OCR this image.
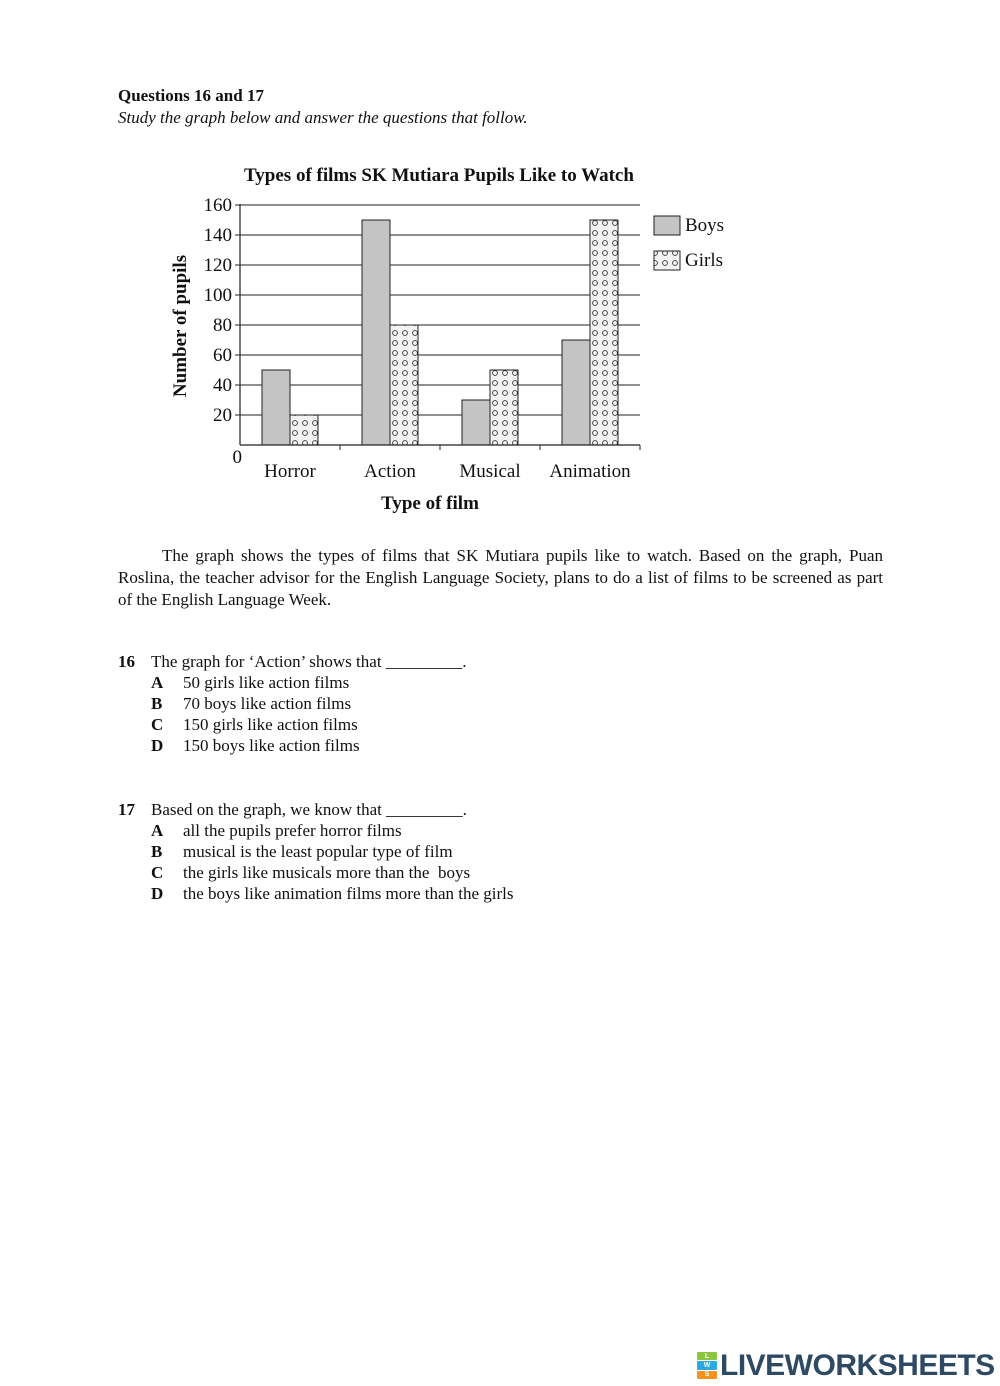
Questions 16 and 17
Study the graph below and answer the questions that follow.
Types of films SK Mutiara Pupils Like to Watch
0
20
40
60
80
100
120
140
160
Horror	Action Musical Animation
Boys
Girls
Type of film
Number of pupils

The graph shows the types of films that SK Mutiara pupils like to watch. Based on the graph, Puan Roslina, the teacher advisor for the English Language Society, plans to do a list of films to be screened as part of the English Language Week.

16 The graph for ‘Action’ shows that _________.
A 50 girls like action films
B 70 boys like action films
C 150 girls like action films
D 150 boys like action films
17 Based on the graph, we know that _________.
A all the pupils prefer horror films
B musical is the least popular type of film
C the girls like musicals more than the  boys
D the boys like animation films more than the girls
L
W
S LIVEWORKSHEETS
